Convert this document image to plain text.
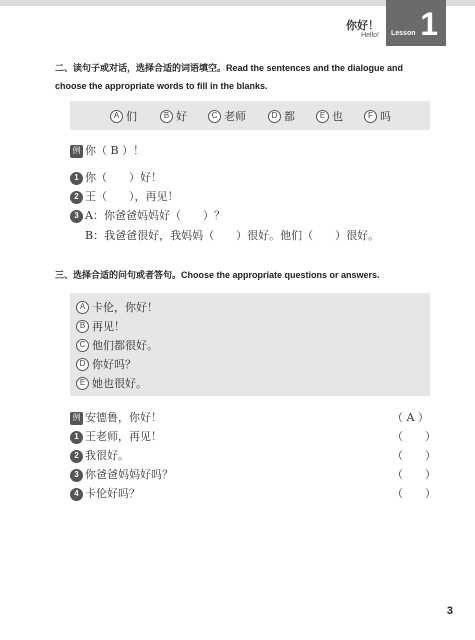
你好！
Hello! Lesson 1
二、读句子或对话，选择合适的词语填空。Read the sentences and the dialogue and choose the appropriate words to fill in the blanks.
A 们	B 好	C 老师	D 都	E 也	F 吗
例 你（ B ）！
1 你（　　）好！
2 王（　　），再见！
3 A：你爸爸妈妈好（　　）？
B：我爸爸很好，我妈妈（　　）很好。他们（　　）很好。
三、选择合适的问句或者答句。Choose the appropriate questions or answers.
A 卡伦，你好！
B 再见！
C 他们都很好。
D 你好吗？
E 她也很好。
例 安德鲁，你好！	（ A ）
1 王老师，再见！	（　　）
2 我很好。	（　　）
3 你爸爸妈妈好吗？	（　　）
4 卡伦好吗？	（　　）
3
